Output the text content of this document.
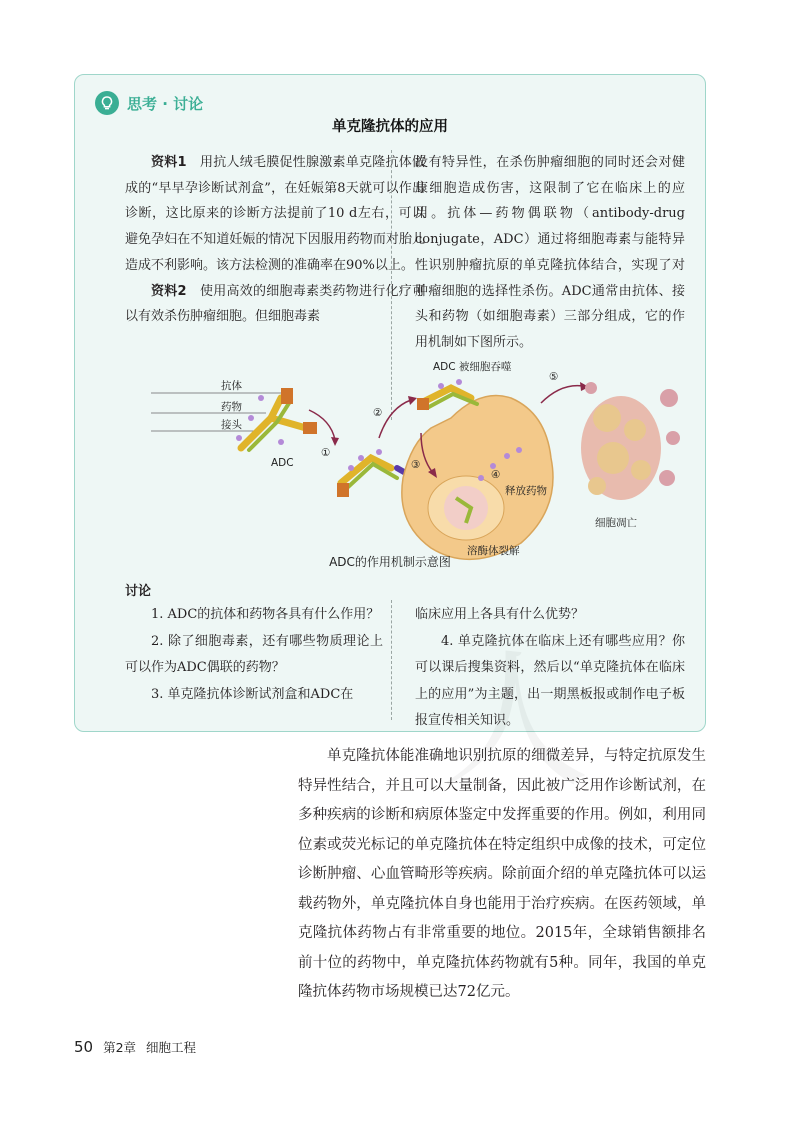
思考 · 讨论
单克隆抗体的应用

资料1　 用抗人绒毛膜促性腺激素单克隆抗体做成的“早早孕诊断试剂盒”，在妊娠第8天就可以作出诊断，这比原来的诊断方法提前了10 d左右，可以避免孕妇在不知道妊娠的情况下因服用药物而对胎儿造成不利影响。该方法检测的准确率在90%以上。

资料2　 使用高效的细胞毒素类药物进行化疗可以有效杀伤肿瘤细胞。但细胞毒素

没有特异性，在杀伤肿瘤细胞的同时还会对健康细胞造成伤害，这限制了它在临床上的应用。抗体—药物偶联物（antibody-drug conjugate，ADC）通过将细胞毒素与能特异性识别肿瘤抗原的单克隆抗体结合，实现了对肿瘤细胞的选择性杀伤。ADC通常由抗体、接头和药物（如细胞毒素）三部分组成，它的作用机制如下图所示。

抗体
药物
接头
ADC
①
ADC 被细胞吞噬
②
③
溶酶体裂解
④
释放药物
⑤
细胞凋亡
ADC的作用机制示意图
讨论

1. ADC的抗体和药物各具有什么作用？

2. 除了细胞毒素，还有哪些物质理论上可以作为ADC偶联的药物？

3. 单克隆抗体诊断试剂盒和ADC在

临床应用上各具有什么优势？

4. 单克隆抗体在临床上还有哪些应用？你可以课后搜集资料，然后以“单克隆抗体在临床上的应用”为主题，出一期黑板报或制作电子板报宣传相关知识。

单克隆抗体能准确地识别抗原的细微差异，与特定抗原发生特异性结合，并且可以大量制备，因此被广泛用作诊断试剂，在多种疾病的诊断和病原体鉴定中发挥重要的作用。例如，利用同位素或荧光标记的单克隆抗体在特定组织中成像的技术，可定位诊断肿瘤、心血管畸形等疾病。除前面介绍的单克隆抗体可以运载药物外，单克隆抗体自身也能用于治疗疾病。在医药领域，单克隆抗体药物占有非常重要的地位。2015年，全球销售额排名前十位的药物中，单克隆抗体药物就有5种。同年，我国的单克隆抗体药物市场规模已达72亿元。

50 第2章 细胞工程
